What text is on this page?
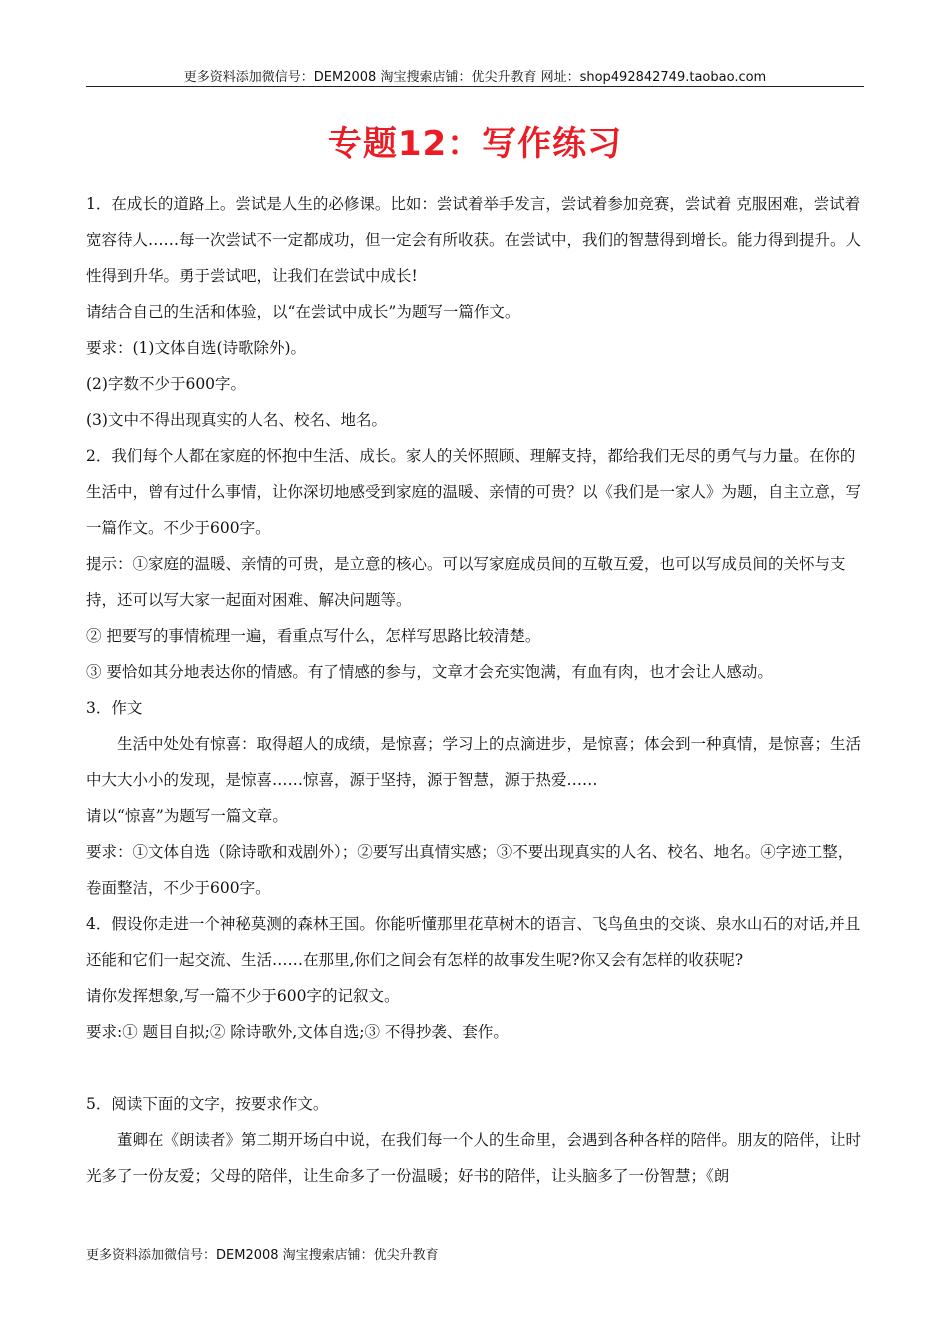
更多资料添加微信号：DEM2008 淘宝搜索店铺：优尖升教育 网址：shop492842749.taobao.com
专题12：写作练习

1．在成长的道路上。尝试是人生的必修课。比如：尝试着举手发言，尝试着参加竞赛，尝试着 克服困难，尝试着宽容待人……每一次尝试不一定都成功，但一定会有所收获。在尝试中，我们的智慧得到增长。能力得到提升。人性得到升华。勇于尝试吧，让我们在尝试中成长!

请结合自己的生活和体验，以“在尝试中成长”为题写一篇作文。

要求：(1)文体自选(诗歌除外)。

(2)字数不少于600字。

(3)文中不得出现真实的人名、校名、地名。

2．我们每个人都在家庭的怀抱中生活、成长。家人的关怀照顾、理解支持，都给我们无尽的勇气与力量。在你的生活中，曾有过什么事情，让你深切地感受到家庭的温暖、亲情的可贵？以《我们是一家人》为题，自主立意，写一篇作文。不少于600字。

提示：①家庭的温暖、亲情的可贵，是立意的核心。可以写家庭成员间的互敬互爱，也可以写成员间的关怀与支持，还可以写大家一起面对困难、解决问题等。

② 把要写的事情梳理一遍，看重点写什么，怎样写思路比较清楚。

③ 要恰如其分地表达你的情感。有了情感的参与，文章才会充实饱满，有血有肉，也才会让人感动。

3．作文

生活中处处有惊喜：取得超人的成绩，是惊喜；学习上的点滴进步，是惊喜；体会到一种真情，是惊喜；生活中大大小小的发现，是惊喜……惊喜，源于坚持，源于智慧，源于热爱……

请以“惊喜”为题写一篇文章。

要求：①文体自选（除诗歌和戏剧外）；②要写出真情实感；③不要出现真实的人名、校名、地名。④字迹工整，卷面整洁，不少于600字。

4．假设你走进一个神秘莫测的森林王国。你能听懂那里花草树木的语言、飞鸟鱼虫的交谈、泉水山石的对话,并且还能和它们一起交流、生活……在那里,你们之间会有怎样的故事发生呢?你又会有怎样的收获呢?

请你发挥想象,写一篇不少于600字的记叙文。

要求:① 题目自拟;② 除诗歌外,文体自选;③ 不得抄袭、套作。

5．阅读下面的文字，按要求作文。

董卿在《朗读者》第二期开场白中说，在我们每一个人的生命里，会遇到各种各样的陪伴。朋友的陪伴，让时光多了一份友爱；父母的陪伴，让生命多了一份温暖；好书的陪伴，让头脑多了一份智慧；《朗

更多资料添加微信号：DEM2008 淘宝搜索店铺：优尖升教育
